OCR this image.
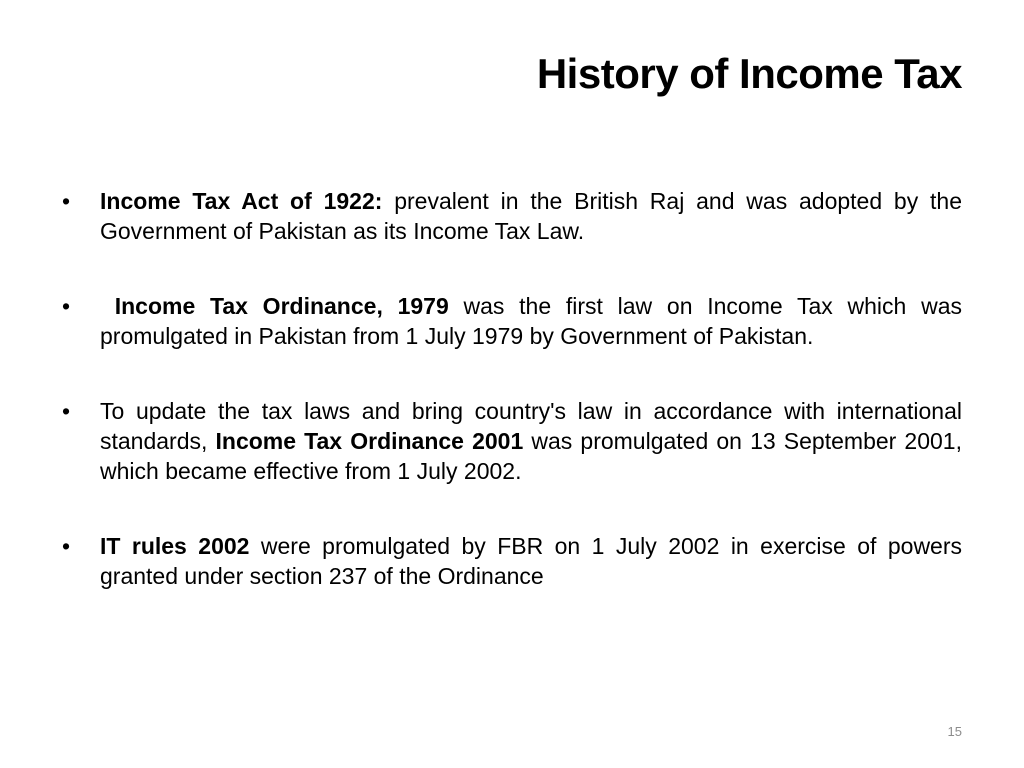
History of Income Tax
• Income Tax Act of 1922: prevalent in the British Raj and was adopted by the Government of Pakistan as its Income Tax Law.
• Income Tax Ordinance, 1979 was the first law on Income Tax which was promulgated in Pakistan from 1 July 1979 by Government of Pakistan.
• To update the tax laws and bring country's law in accordance with international standards, Income Tax Ordinance 2001 was promulgated on 13 September 2001, which became effective from 1 July 2002.
• IT rules 2002 were promulgated by FBR on 1 July 2002 in exercise of powers granted under section 237 of the Ordinance
15
